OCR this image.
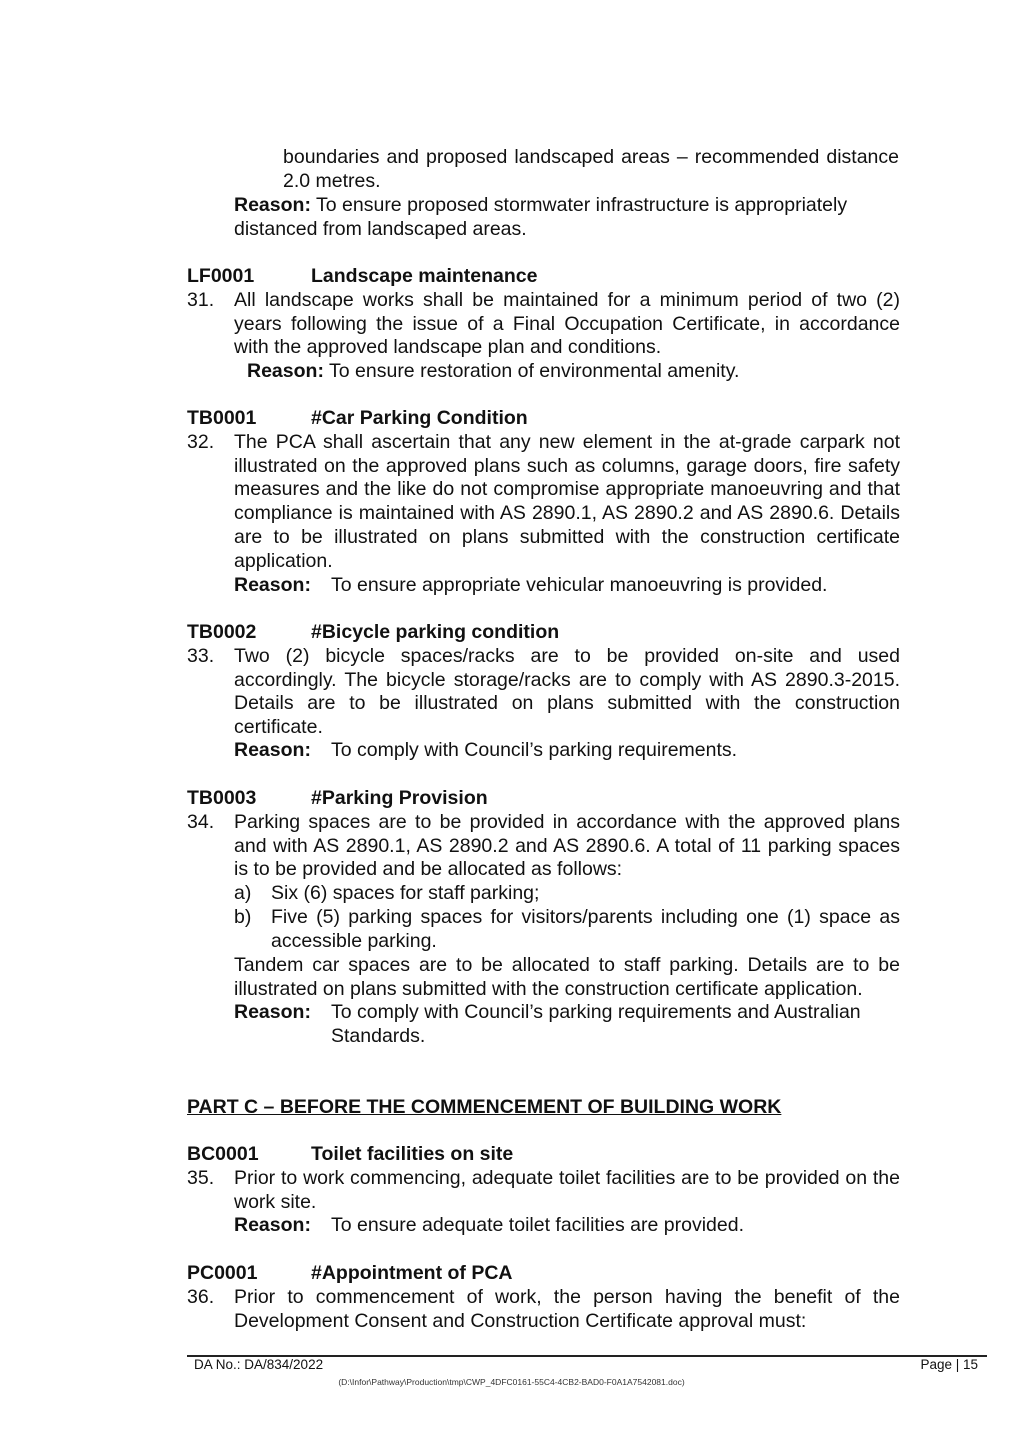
boundaries and proposed landscaped areas – recommended distance 2.0 metres.
Reason: To ensure proposed stormwater infrastructure is appropriately distanced from landscaped areas.
LF0001	Landscape maintenance
31. All landscape works shall be maintained for a minimum period of two (2) years following the issue of a Final Occupation Certificate, in accordance with the approved landscape plan and conditions.
Reason: To ensure restoration of environmental amenity.
TB0001	#Car Parking Condition
32. The PCA shall ascertain that any new element in the at-grade carpark not illustrated on the approved plans such as columns, garage doors, fire safety measures and the like do not compromise appropriate manoeuvring and that compliance is maintained with AS 2890.1, AS 2890.2 and AS 2890.6. Details are to be illustrated on plans submitted with the construction certificate application.
Reason:	To ensure appropriate vehicular manoeuvring is provided.
TB0002	#Bicycle parking condition
33. Two (2) bicycle spaces/racks are to be provided on-site and used accordingly. The bicycle storage/racks are to comply with AS 2890.3-2015. Details are to be illustrated on plans submitted with the construction certificate.
Reason:	To comply with Council’s parking requirements.
TB0003	#Parking Provision
34. Parking spaces are to be provided in accordance with the approved plans and with AS 2890.1, AS 2890.2 and AS 2890.6. A total of 11 parking spaces is to be provided and be allocated as follows:
a) Six (6) spaces for staff parking;
b) Five (5) parking spaces for visitors/parents including one (1) space as accessible parking.
Tandem car spaces are to be allocated to staff parking. Details are to be illustrated on plans submitted with the construction certificate application.
Reason:	To comply with Council’s parking requirements and Australian Standards.
PART C – BEFORE THE COMMENCEMENT OF BUILDING WORK
BC0001	Toilet facilities on site
35. Prior to work commencing, adequate toilet facilities are to be provided on the work site.
Reason:	To ensure adequate toilet facilities are provided.
PC0001	#Appointment of PCA
36. Prior to commencement of work, the person having the benefit of the Development Consent and Construction Certificate approval must:
DA No.: DA/834/2022	Page | 15
(D:\Infor\Pathway\Production\tmp\CWP_4DFC0161-55C4-4CB2-BAD0-F0A1A7542081.doc)
